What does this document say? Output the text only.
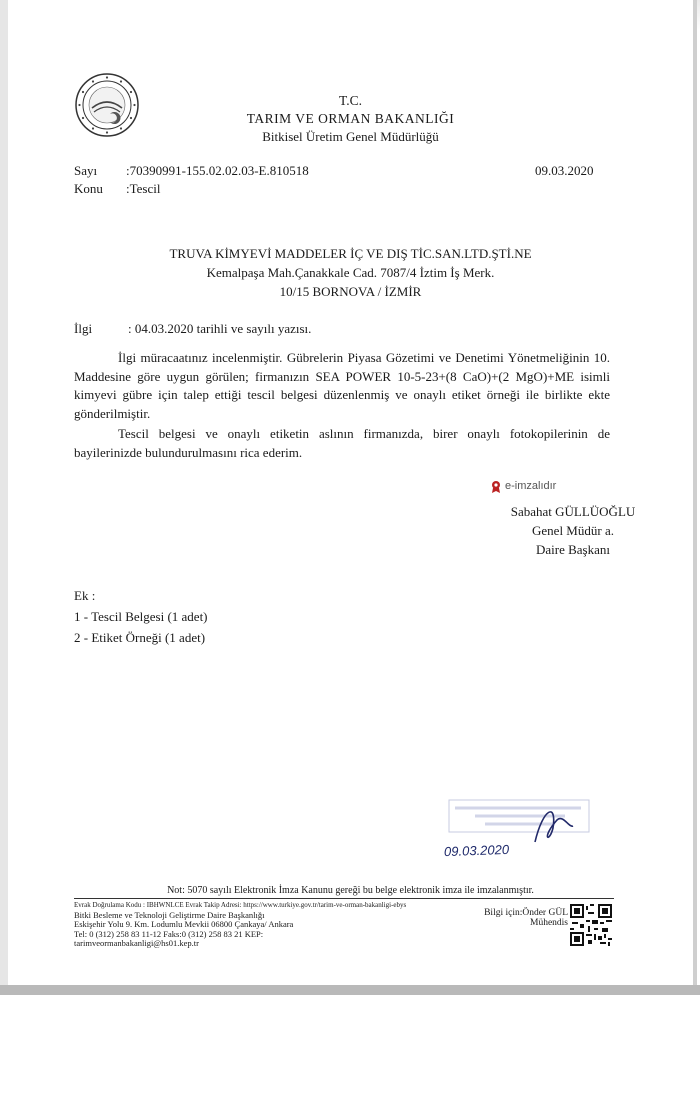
T.C.
TARIM VE ORMAN BAKANLIĞI
Bitkisel Üretim Genel Müdürlüğü
Sayı :70390991-155.02.02.03-E.810518	09.03.2020
Konu :Tescil
TRUVA KİMYEVİ MADDELER İÇ VE DIŞ TİC.SAN.LTD.ŞTİ.NE
Kemalpaşa Mah.Çanakkale Cad. 7087/4 İztim İş Merk.
10/15 BORNOVA / İZMİR
İlgi	: 04.03.2020 tarihli ve sayılı yazısı.
İlgi müracaatınız incelenmiştir. Gübrelerin Piyasa Gözetimi ve Denetimi Yönetmeliğinin 10. Maddesine göre uygun görülen; firmanızın SEA POWER 10-5-23+(8 CaO)+(2 MgO)+ME isimli kimyevi gübre için talep ettiği tescil belgesi düzenlenmiş ve onaylı etiket örneği ile birlikte ekte gönderilmiştir.
Tescil belgesi ve onaylı etiketin aslının firmanızda, birer onaylı fotokopilerinin de bayilerinizde bulundurulmasını rica ederim.
e-imzalıdır
Sabahat GÜLLÜOĞLU
Genel Müdür a.
Daire Başkanı
Ek :
1 - Tescil Belgesi (1 adet)
2 - Etiket Örneği (1 adet)
09.03.2020
Not: 5070 sayılı Elektronik İmza Kanunu gereği bu belge elektronik imza ile imzalanmıştır.
Evrak Doğrulama Kodu : IBHWNLCE Evrak Takip Adresi: https://www.turkiye.gov.tr/tarim-ve-orman-bakanligi-ebys
Bitki Besleme ve Teknoloji Geliştirme Daire Başkanlığı
Eskişehir Yolu 9. Km. Lodumlu Mevkii 06800 Çankaya/ Ankara
Tel: 0 (312) 258 83 11-12 Faks:0 (312) 258 83 21 KEP:
tarimveormanbakanligi@hs01.kep.tr
Bilgi için:Önder GÜL
Mühendis
